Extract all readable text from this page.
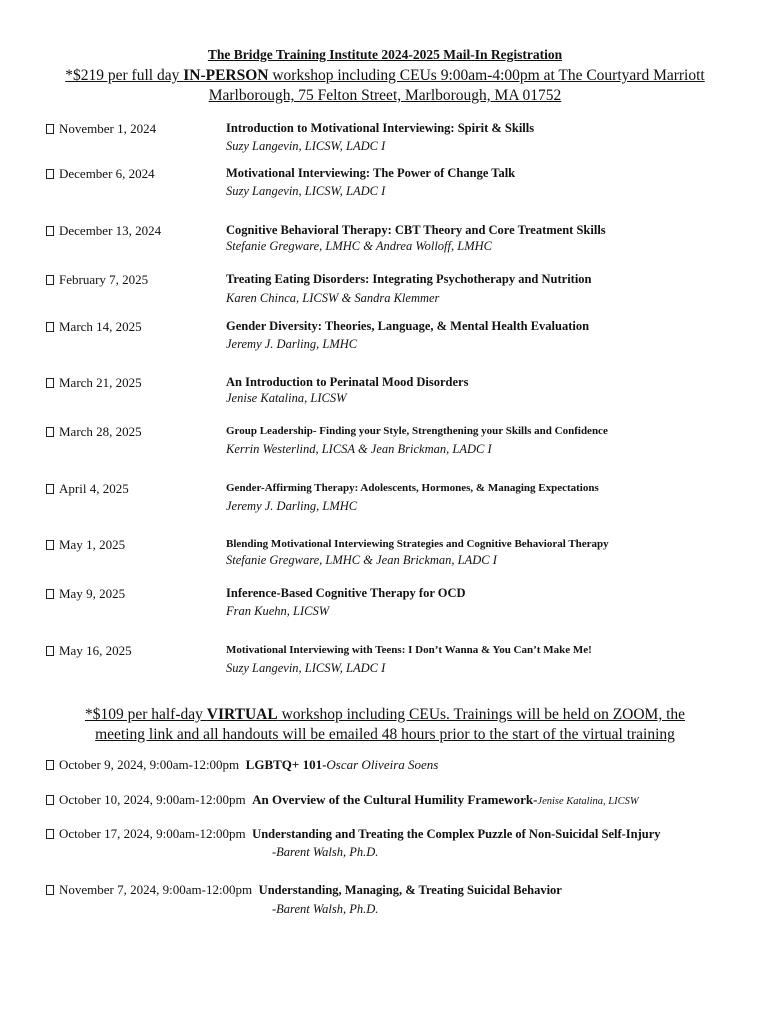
The Bridge Training Institute 2024-2025 Mail-In Registration
*$219 per full day IN-PERSON workshop including CEUs 9:00am-4:00pm at The Courtyard Marriott
Marlborough, 75 Felton Street, Marlborough, MA 01752
November 1, 2024	Introduction to Motivational Interviewing: Spirit & Skills
Suzy Langevin, LICSW, LADC I
December 6, 2024	Motivational Interviewing: The Power of Change Talk
Suzy Langevin, LICSW, LADC I
December 13, 2024	Cognitive Behavioral Therapy: CBT Theory and Core Treatment Skills
Stefanie Gregware, LMHC & Andrea Wolloff, LMHC
February 7, 2025	Treating Eating Disorders: Integrating Psychotherapy and Nutrition
Karen Chinca, LICSW & Sandra Klemmer
March 14, 2025	Gender Diversity: Theories, Language, & Mental Health Evaluation
Jeremy J. Darling, LMHC
March 21, 2025	An Introduction to Perinatal Mood Disorders
Jenise Katalina, LICSW
March 28, 2025	Group Leadership- Finding your Style, Strengthening your Skills and Confidence
Kerrin Westerlind, LICSA & Jean Brickman, LADC I
April 4, 2025	Gender-Affirming Therapy: Adolescents, Hormones, & Managing Expectations
Jeremy J. Darling, LMHC
May 1, 2025	Blending Motivational Interviewing Strategies and Cognitive Behavioral Therapy
Stefanie Gregware, LMHC & Jean Brickman, LADC I
May 9, 2025	Inference-Based Cognitive Therapy for OCD
Fran Kuehn, LICSW
May 16, 2025	Motivational Interviewing with Teens: I Don’t Wanna & You Can’t Make Me!
Suzy Langevin, LICSW, LADC I
*$109 per half-day VIRTUAL workshop including CEUs. Trainings will be held on ZOOM, the
meeting link and all handouts will be emailed 48 hours prior to the start of the virtual training
October 9, 2024, 9:00am-12:00pm LGBTQ+ 101-Oscar Oliveira Soens
October 10, 2024, 9:00am-12:00pm An Overview of the Cultural Humility Framework-Jenise Katalina, LICSW
October 17, 2024, 9:00am-12:00pm Understanding and Treating the Complex Puzzle of Non-Suicidal Self-Injury
-Barent Walsh, Ph.D.
November 7, 2024, 9:00am-12:00pm Understanding, Managing, & Treating Suicidal Behavior
-Barent Walsh, Ph.D.
